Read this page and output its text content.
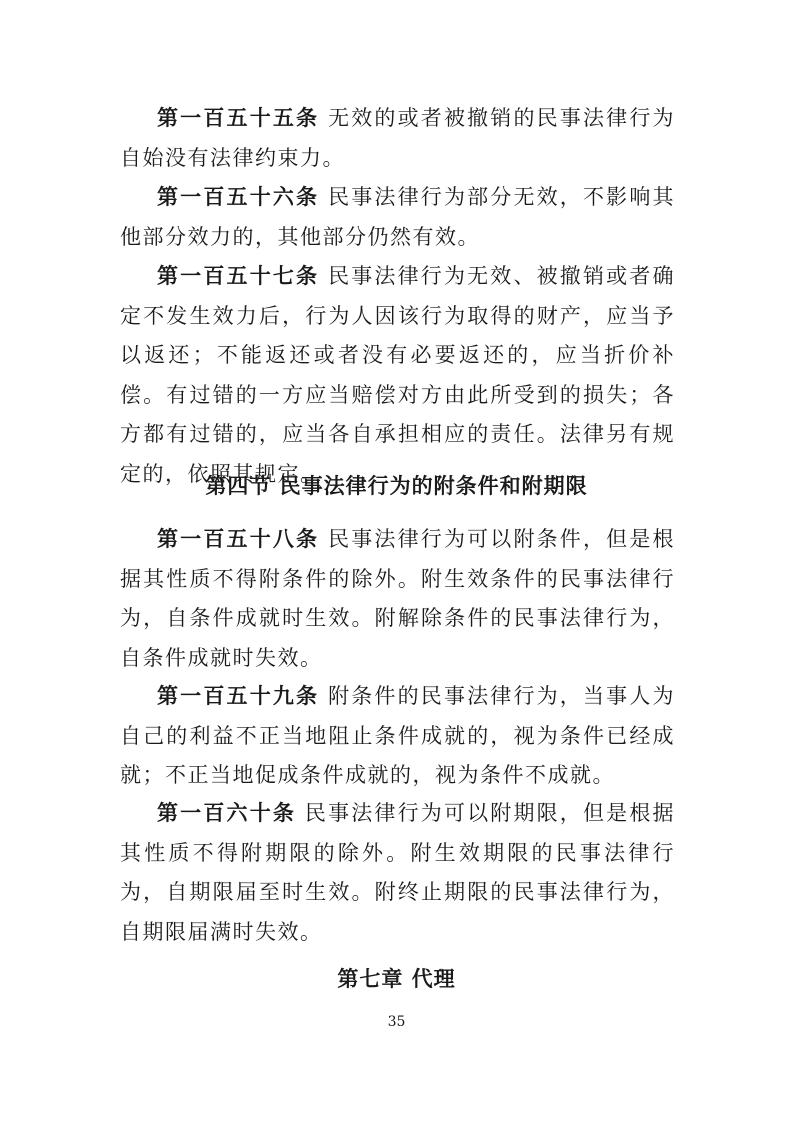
第一百五十五条 无效的或者被撤销的民事法律行为自始没有法律约束力。

第一百五十六条 民事法律行为部分无效，不影响其他部分效力的，其他部分仍然有效。

第一百五十七条 民事法律行为无效、被撤销或者确定不发生效力后，行为人因该行为取得的财产，应当予以返还；不能返还或者没有必要返还的，应当折价补偿。有过错的一方应当赔偿对方由此所受到的损失；各方都有过错的，应当各自承担相应的责任。法律另有规定的，依照其规定。

第四节 民事法律行为的附条件和附期限

第一百五十八条 民事法律行为可以附条件，但是根据其性质不得附条件的除外。附生效条件的民事法律行为，自条件成就时生效。附解除条件的民事法律行为，自条件成就时失效。

第一百五十九条 附条件的民事法律行为，当事人为自己的利益不正当地阻止条件成就的，视为条件已经成就；不正当地促成条件成就的，视为条件不成就。

第一百六十条 民事法律行为可以附期限，但是根据其性质不得附期限的除外。附生效期限的民事法律行为，自期限届至时生效。附终止期限的民事法律行为，自期限届满时失效。

第七章 代理

35
